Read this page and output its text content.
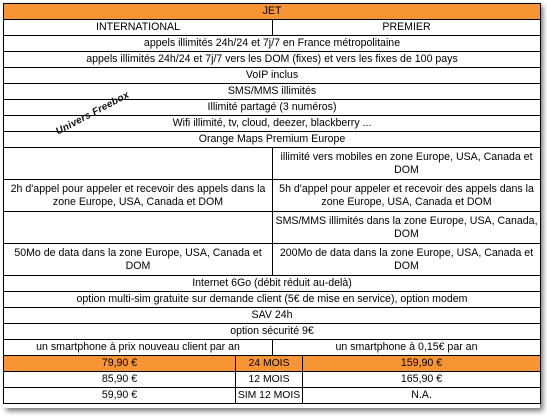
JET			
INTERNATIONAL		PREMIER	
appels illimités 24h/24 et 7j/7 en France métropolitaine			
appels illimités 24h/24 et 7j/7 vers les DOM (fixes) et vers les fixes de 100 pays			
VoIP inclus			
SMS/MMS illimités			
Illimité partagé (3 numéros)			
Wifi illimité, tv, cloud, deezer, blackberry ...			
Orange Maps Premium Europe			
		illimité vers mobiles en zone Europe, USA, Canada et DOM	
2h d'appel pour appeler et recevoir des appels dans la zone Europe, USA, Canada et DOM		5h d'appel pour appeler et recevoir des appels dans la zone Europe, USA, Canada et DOM	
		SMS/MMS illimités dans la zone Europe, USA, Canada, DOM	
50Mo de data dans la zone Europe, USA, Canada et DOM		200Mo de data dans la zone Europe, USA, Canada et DOM	
Internet 6Go (débit réduit au-delà)			
option multi-sim gratuite sur demande client (5€ de mise en service), option modem			
SAV 24h			
option sécurité 9€			
un smartphone à prix nouveau client par an		un smartphone à 0,15€ par an	
79,90 €	24 MOIS		159,90 €
85,90 €	12 MOIS		165,90 €
59,90 €	SIM 12 MOIS		N.A.
Univers Freebox
